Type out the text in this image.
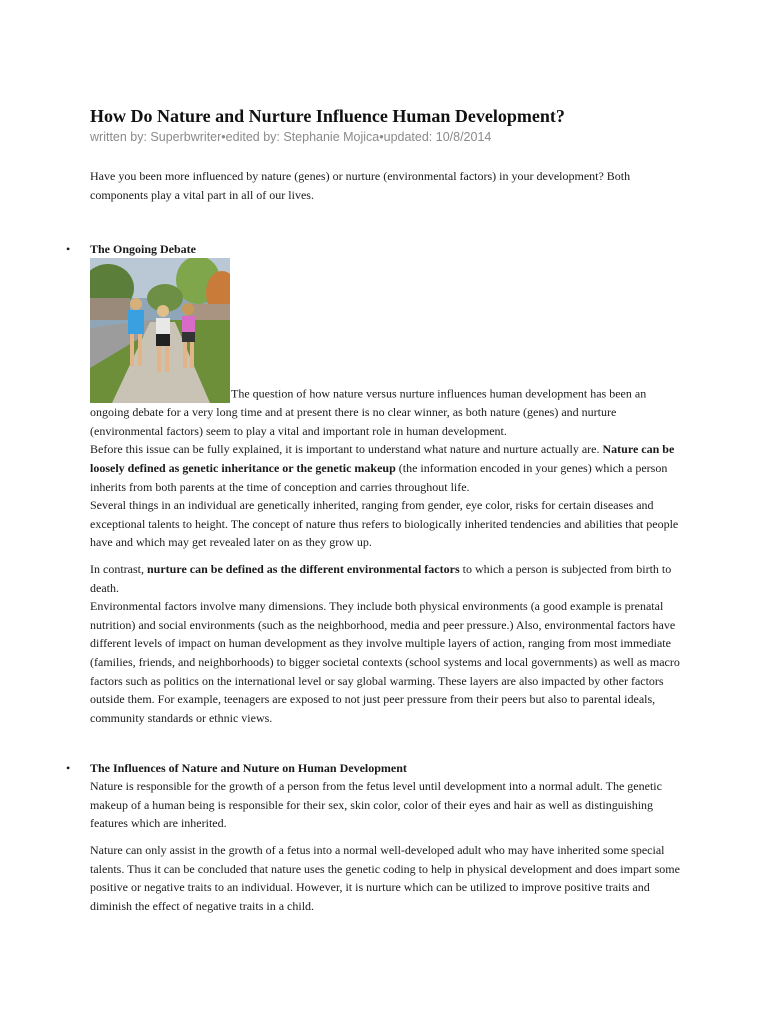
How Do Nature and Nurture Influence Human Development?
written by: Superbwriter•edited by: Stephanie Mojica•updated: 10/8/2014

Have you been more influenced by nature (genes) or nurture (environmental factors) in your development? Both components play a vital part in all of our lives.

• The Ongoing Debate

The question of how nature versus nurture influences human development has been an ongoing debate for a very long time and at present there is no clear winner, as both nature (genes) and nurture (environmental factors) seem to play a vital and important role in human development.

Before this issue can be fully explained, it is important to understand what nature and nurture actually are. Nature can be loosely defined as genetic inheritance or the genetic makeup (the information encoded in your genes) which a person inherits from both parents at the time of conception and carries throughout life.

Several things in an individual are genetically inherited, ranging from gender, eye color, risks for certain diseases and exceptional talents to height. The concept of nature thus refers to biologically inherited tendencies and abilities that people have and which may get revealed later on as they grow up.

In contrast, nurture can be defined as the different environmental factors to which a person is subjected from birth to death.

Environmental factors involve many dimensions. They include both physical environments (a good example is prenatal nutrition) and social environments (such as the neighborhood, media and peer pressure.) Also, environmental factors have different levels of impact on human development as they involve multiple layers of action, ranging from most immediate (families, friends, and neighborhoods) to bigger societal contexts (school systems and local governments) as well as macro factors such as politics on the international level or say global warming. These layers are also impacted by other factors outside them. For example, teenagers are exposed to not just peer pressure from their peers but also to parental ideals, community standards or ethnic views.

• The Influences of Nature and Nuture on Human Development

Nature is responsible for the growth of a person from the fetus level until development into a normal adult. The genetic makeup of a human being is responsible for their sex, skin color, color of their eyes and hair as well as distinguishing features which are inherited.

Nature can only assist in the growth of a fetus into a normal well-developed adult who may have inherited some special talents. Thus it can be concluded that nature uses the genetic coding to help in physical development and does impart some positive or negative traits to an individual. However, it is nurture which can be utilized to improve positive traits and diminish the effect of negative traits in a child.
